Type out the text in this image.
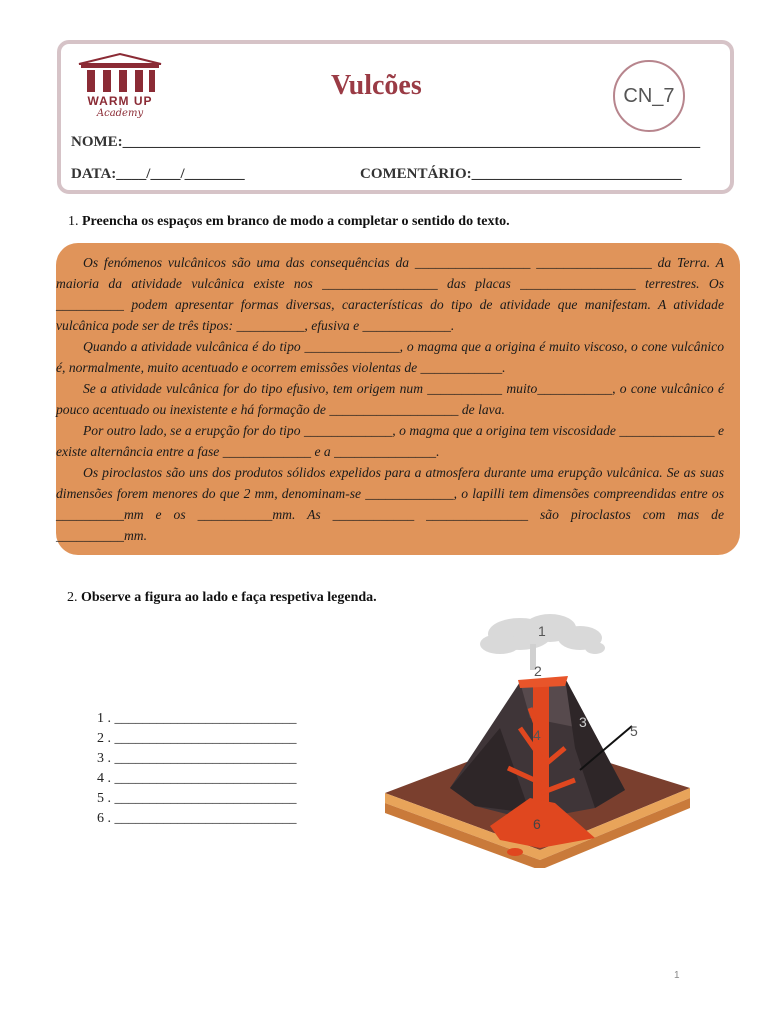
WARM UP
Academy
Vulcões	CN_7
NOME:_____________________________________________________________________________
DATA:____/____/________	COMENTÁRIO:____________________________
1. Preencha os espaços em branco de modo a completar o sentido do texto.

Os fenómenos vulcânicos são uma das consequências da _________________ _________________ da Terra. A maioria da atividade vulcânica existe nos _________________ das placas _________________ terrestres. Os __________ podem apresentar formas diversas, características do tipo de atividade que manifestam. A atividade vulcânica pode ser de três tipos: __________, efusiva e _____________.

Quando a atividade vulcânica é do tipo ______________, o magma que a origina é muito viscoso, o cone vulcânico é, normalmente, muito acentuado e ocorrem emissões violentas de ____________.

Se a atividade vulcânica for do tipo efusivo, tem origem num ___________ muito___________, o cone vulcânico é pouco acentuado ou inexistente e há formação de ___________________ de lava.

Por outro lado, se a erupção for do tipo _____________, o magma que a origina tem viscosidade ______________ e existe alternância entre a fase _____________ e a _______________.

Os piroclastos são uns dos produtos sólidos expelidos para a atmosfera durante uma erupção vulcânica. Se as suas dimensões forem menores do que 2 mm, denominam-se _____________, o lapilli tem dimensões compreendidas entre os __________mm e os ___________mm. As ____________ _______________ são piroclastos com mas de __________mm.

2. Observe a figura ao lado e faça respetiva legenda.
1 . __________________________
2 . __________________________
3 . __________________________
4 . __________________________
5 . __________________________
6 . __________________________
1
2
3
4	5
6
1
